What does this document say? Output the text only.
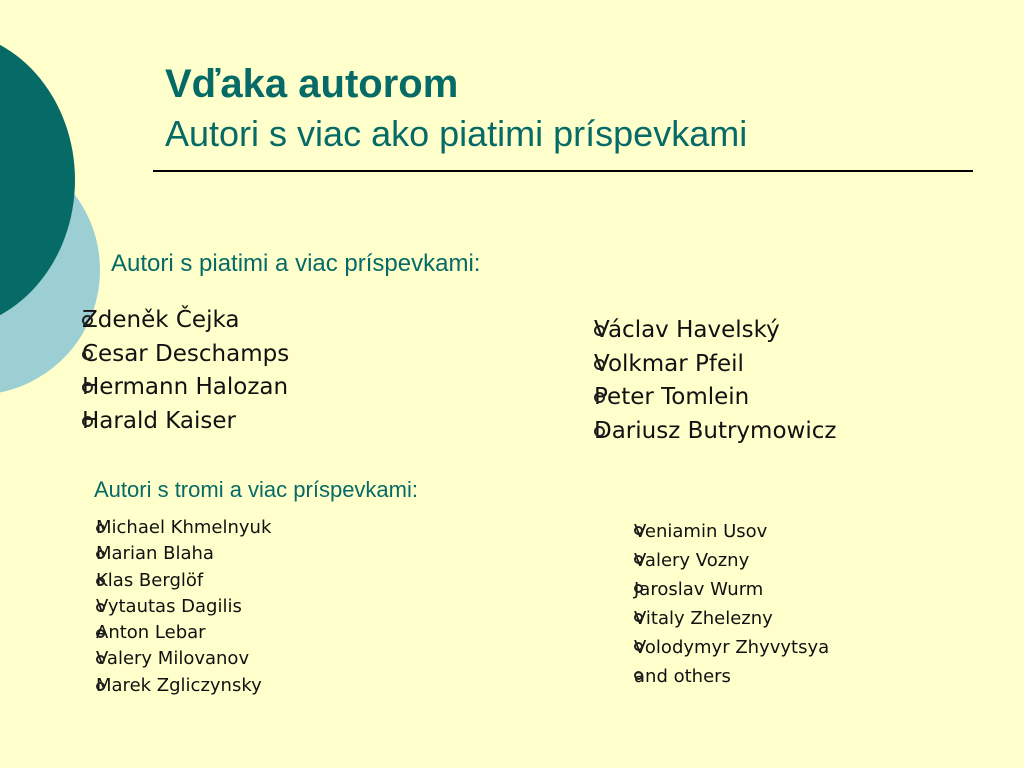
Vďaka autorom
Autori s viac ako piatimi príspevkami
Autori s piatimi a viac príspevkami:
Zdeněk Čejka
Cesar Deschamps
Hermann Halozan
Harald Kaiser
Václav Havelský
Volkmar Pfeil
Peter Tomlein
Dariusz Butrymowicz
Autori s tromi a viac príspevkami:
Michael Khmelnyuk
Marian Blaha
Klas Berglöf
Vytautas Dagilis
Anton Lebar
Valery Milovanov
Marek Zgliczynsky
Veniamin Usov
Valery Vozny
Jaroslav Wurm
Vitaly Zhelezny
Volodymyr Zhyvytsya
and others
